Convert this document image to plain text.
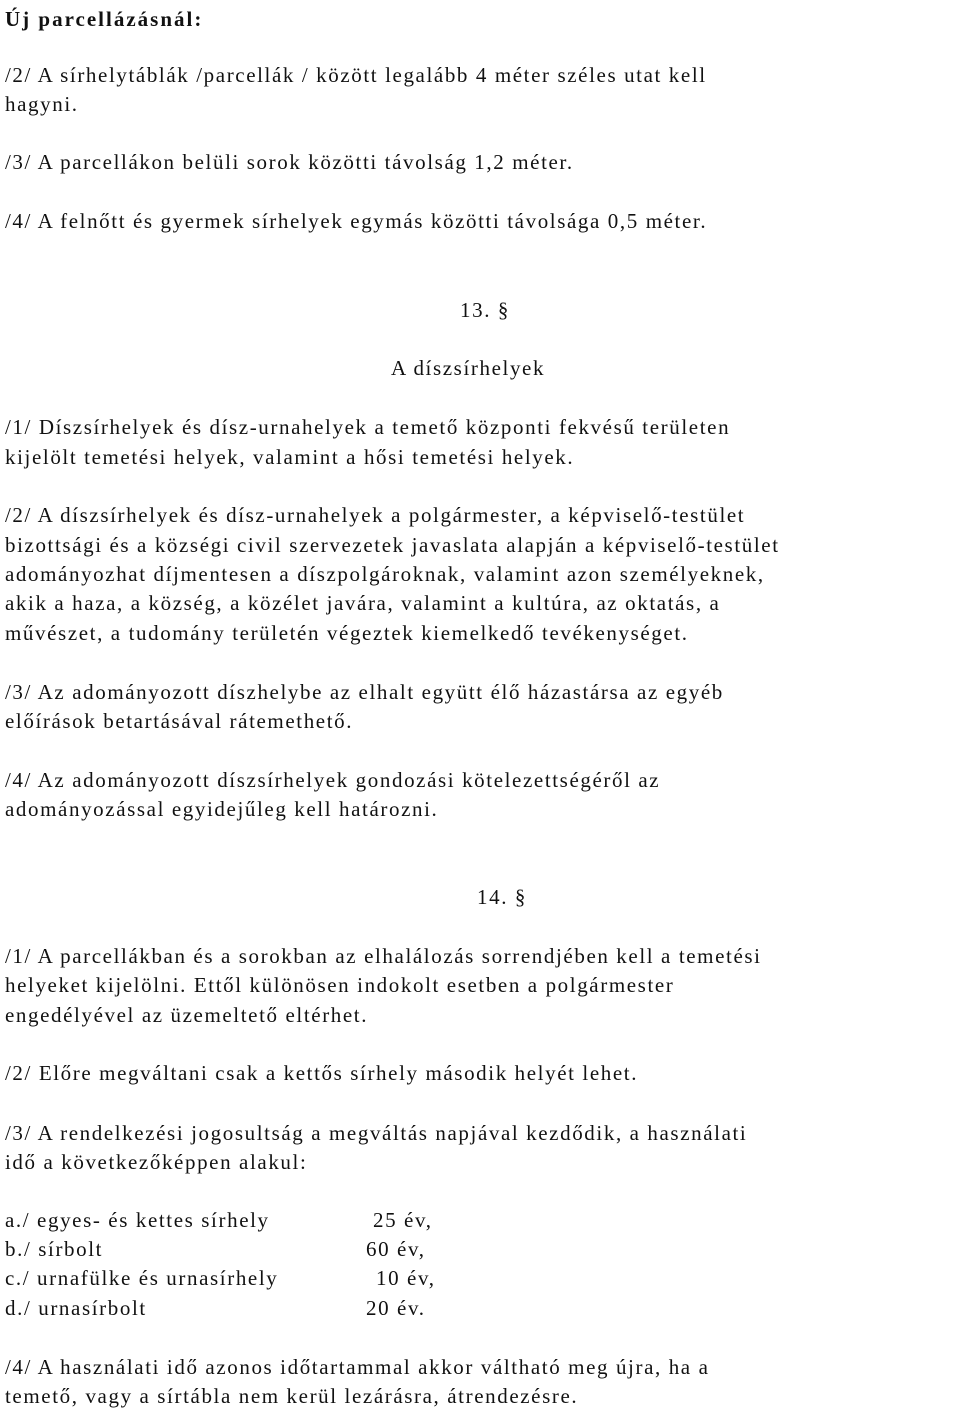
Új parcellázásnál:
/2/ A sírhelytáblák /parcellák / között legalább 4 méter széles utat kell
hagyni.
/3/ A parcellákon belüli sorok közötti távolság 1,2 méter.
/4/ A felnőtt és gyermek sírhelyek egymás közötti távolsága 0,5 méter.
13. §
A díszsírhelyek
/1/ Díszsírhelyek és dísz-urnahelyek a temető központi fekvésű területen
kijelölt temetési helyek, valamint a hősi temetési helyek.
/2/ A díszsírhelyek és dísz-urnahelyek a polgármester, a képviselő-testület
bizottsági és a községi civil szervezetek javaslata alapján a képviselő-testület
adományozhat díjmentesen a díszpolgároknak, valamint azon személyeknek,
akik a haza, a község, a közélet javára, valamint a kultúra, az oktatás, a
művészet, a tudomány területén végeztek kiemelkedő tevékenységet.
/3/ Az adományozott díszhelybe az elhalt együtt élő házastársa az egyéb
előírások betartásával rátemethető.
/4/ Az adományozott díszsírhelyek gondozási kötelezettségéről az
adományozással egyidejűleg kell határozni.
14. §
/1/ A parcellákban és a sorokban az elhalálozás sorrendjében kell a temetési
helyeket kijelölni. Ettől különösen indokolt esetben a polgármester
engedélyével az üzemeltető eltérhet.
/2/ Előre megváltani csak a kettős sírhely második helyét lehet.
/3/ A rendelkezési jogosultság a megváltás napjával kezdődik, a használati
idő a következőképpen alakul:
a./ egyes- és kettes sírhely	25 év,
b./ sírbolt	60 év,
c./ urnafülke és urnasírhely	10 év,
d./ urnasírbolt	20 év.
/4/ A használati idő azonos időtartammal akkor váltható meg újra, ha a
temető, vagy a sírtábla nem kerül lezárásra, átrendezésre.
